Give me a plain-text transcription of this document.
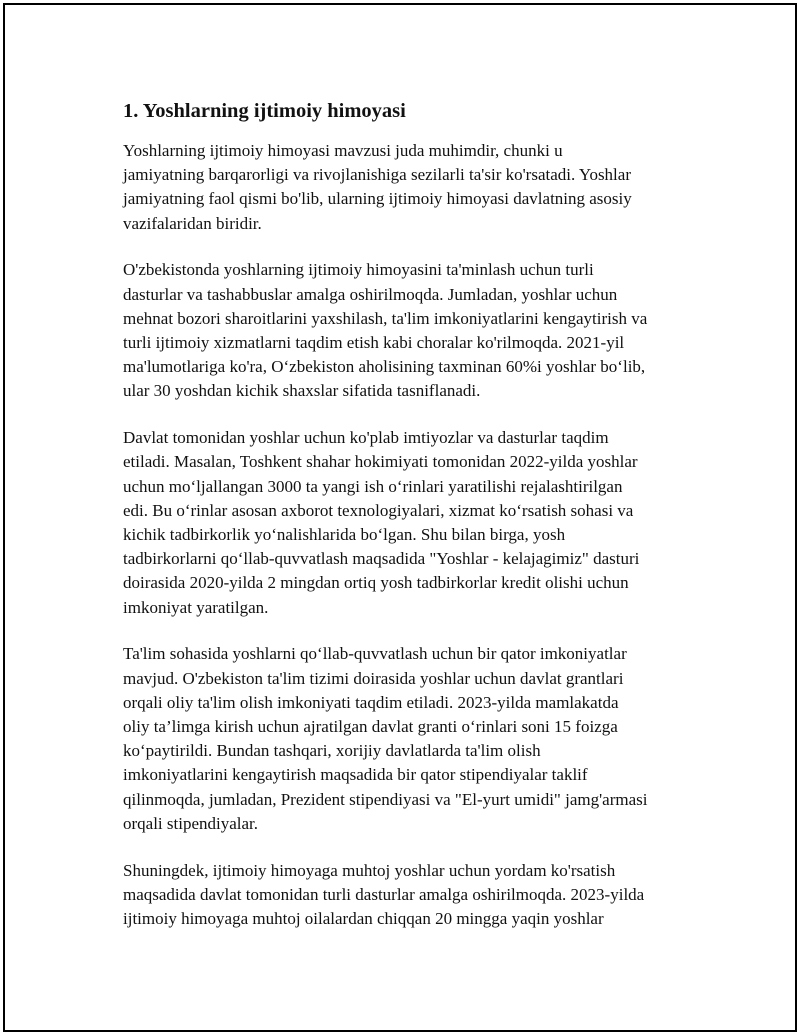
1. Yoshlarning ijtimoiy himoyasi

Yoshlarning ijtimoiy himoyasi mavzusi juda muhimdir, chunki u
jamiyatning barqarorligi va rivojlanishiga sezilarli ta'sir ko'rsatadi. Yoshlar
jamiyatning faol qismi bo'lib, ularning ijtimoiy himoyasi davlatning asosiy
vazifalaridan biridir.

O'zbekistonda yoshlarning ijtimoiy himoyasini ta'minlash uchun turli
dasturlar va tashabbuslar amalga oshirilmoqda. Jumladan, yoshlar uchun
mehnat bozori sharoitlarini yaxshilash, ta'lim imkoniyatlarini kengaytirish va
turli ijtimoiy xizmatlarni taqdim etish kabi choralar ko'rilmoqda. 2021-yil
ma'lumotlariga ko'ra, O‘zbekiston aholisining taxminan 60%i yoshlar bo‘lib,
ular 30 yoshdan kichik shaxslar sifatida tasniflanadi.

Davlat tomonidan yoshlar uchun ko'plab imtiyozlar va dasturlar taqdim
etiladi. Masalan, Toshkent shahar hokimiyati tomonidan 2022-yilda yoshlar
uchun mo‘ljallangan 3000 ta yangi ish o‘rinlari yaratilishi rejalashtirilgan
edi. Bu o‘rinlar asosan axborot texnologiyalari, xizmat ko‘rsatish sohasi va
kichik tadbirkorlik yo‘nalishlarida bo‘lgan. Shu bilan birga, yosh
tadbirkorlarni qo‘llab-quvvatlash maqsadida "Yoshlar - kelajagimiz" dasturi
doirasida 2020-yilda 2 mingdan ortiq yosh tadbirkorlar kredit olishi uchun
imkoniyat yaratilgan.

Ta'lim sohasida yoshlarni qo‘llab-quvvatlash uchun bir qator imkoniyatlar
mavjud. O'zbekiston ta'lim tizimi doirasida yoshlar uchun davlat grantlari
orqali oliy ta'lim olish imkoniyati taqdim etiladi. 2023-yilda mamlakatda
oliy ta’limga kirish uchun ajratilgan davlat granti o‘rinlari soni 15 foizga
ko‘paytirildi. Bundan tashqari, xorijiy davlatlarda ta'lim olish
imkoniyatlarini kengaytirish maqsadida bir qator stipendiyalar taklif
qilinmoqda, jumladan, Prezident stipendiyasi va "El-yurt umidi" jamg'armasi
orqali stipendiyalar.

Shuningdek, ijtimoiy himoyaga muhtoj yoshlar uchun yordam ko'rsatish
maqsadida davlat tomonidan turli dasturlar amalga oshirilmoqda. 2023-yilda
ijtimoiy himoyaga muhtoj oilalardan chiqqan 20 mingga yaqin yoshlar
